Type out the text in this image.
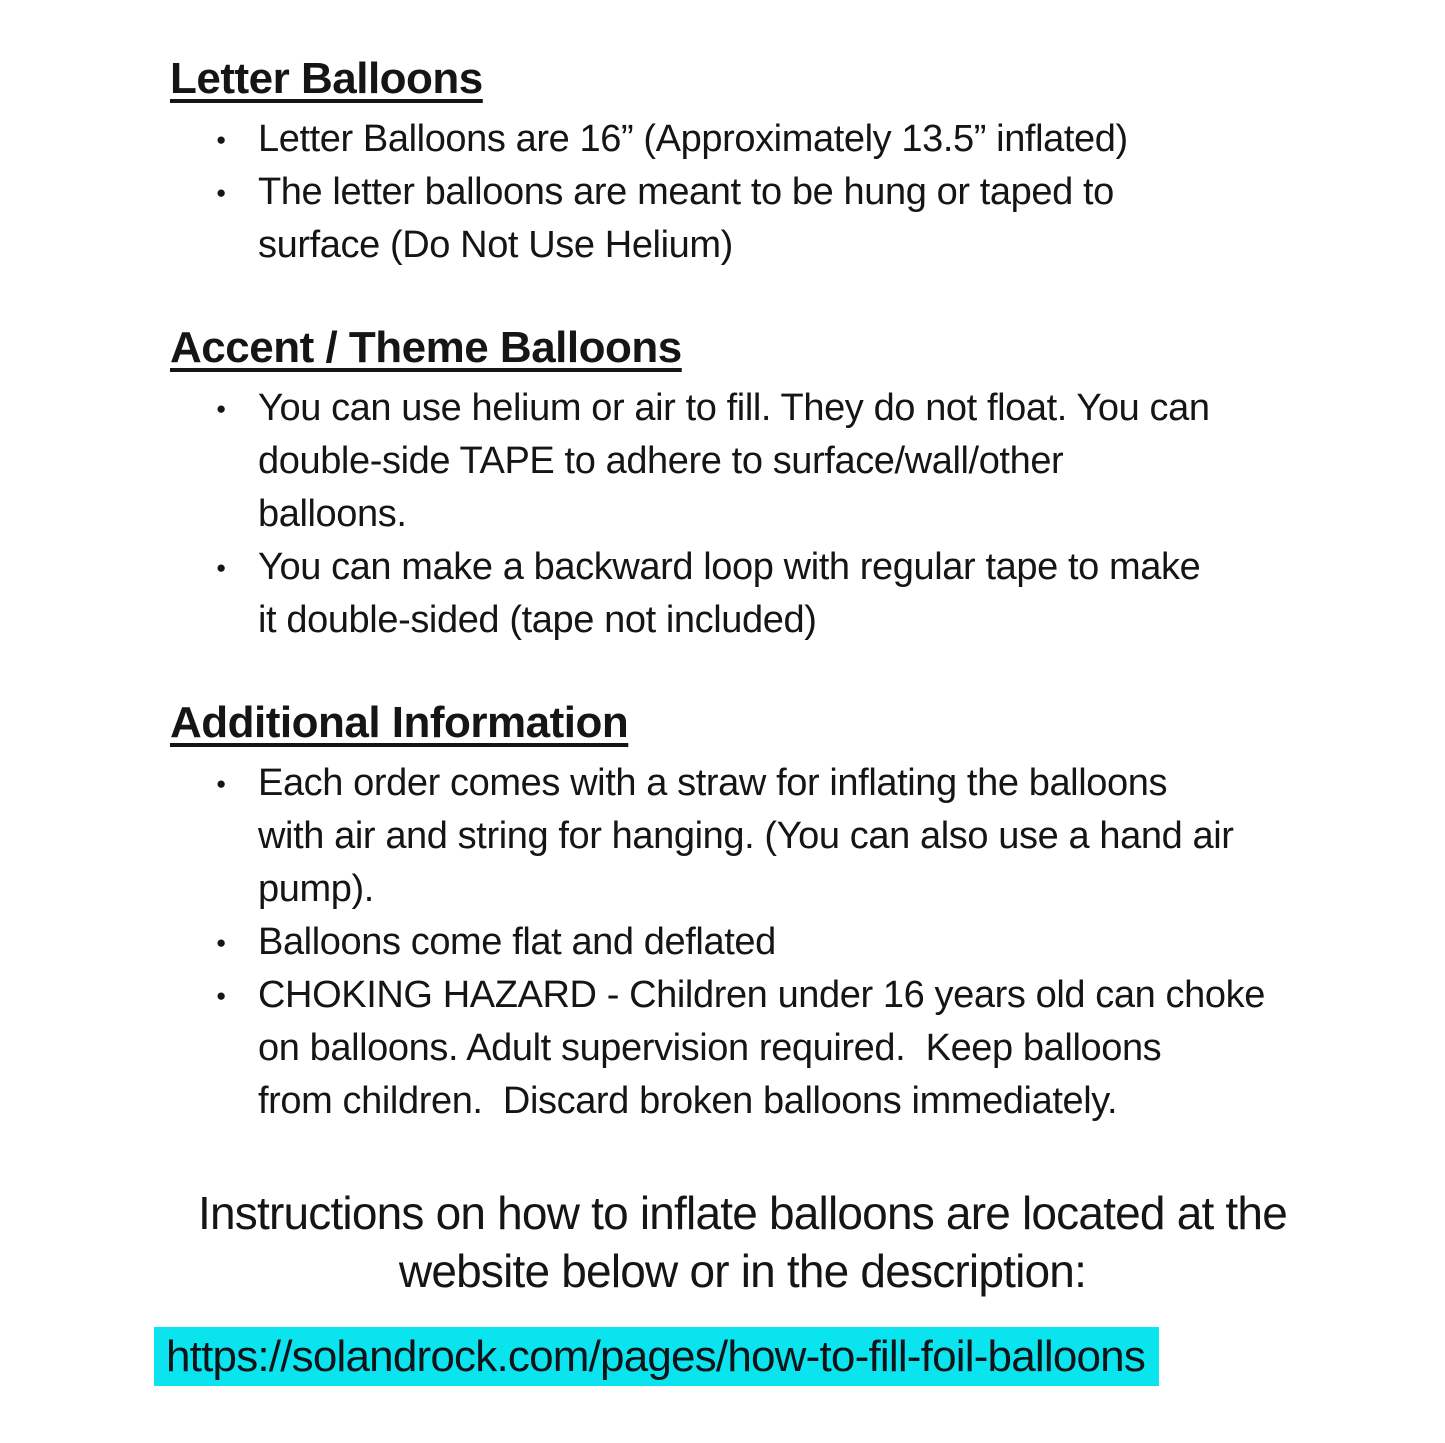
Letter Balloons
● Letter Balloons are 16” (Approximately 13.5” inflated)
● The letter balloons are meant to be hung or taped to
surface (Do Not Use Helium)
Accent / Theme Balloons
● You can use helium or air to fill. They do not float. You can
double-side TAPE to adhere to surface/wall/other
balloons.
● You can make a backward loop with regular tape to make
it double-sided (tape not included)
Additional Information
● Each order comes with a straw for inflating the balloons
with air and string for hanging. (You can also use a hand air
pump).
● Balloons come flat and deflated
● CHOKING HAZARD - Children under 16 years old can choke
on balloons. Adult supervision required.  Keep balloons
from children.  Discard broken balloons immediately.
Instructions on how to inflate balloons are located at the
website below or in the description:
https://solandrock.com/pages/how-to-fill-foil-balloons
